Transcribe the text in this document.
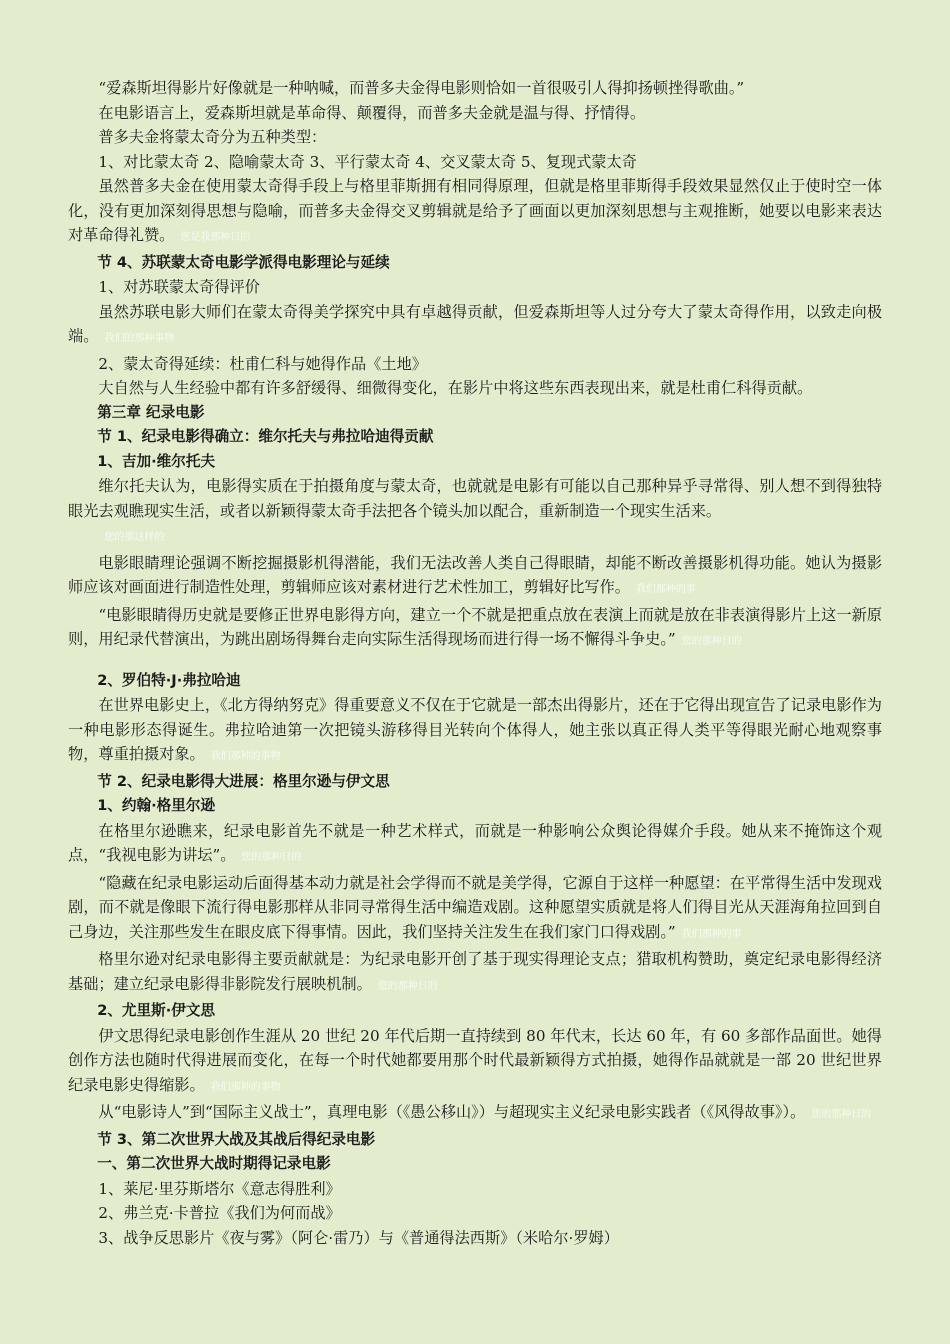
“爱森斯坦得影片好像就是一种呐喊，而普多夫金得电影则恰如一首很吸引人得抑扬顿挫得歌曲。”

在电影语言上，爱森斯坦就是革命得、颠覆得，而普多夫金就是温与得、抒情得。

普多夫金将蒙太奇分为五种类型：

1、对比蒙太奇 2、隐喻蒙太奇 3、平行蒙太奇 4、交叉蒙太奇 5、复现式蒙太奇

虽然普多夫金在使用蒙太奇得手段上与格里菲斯拥有相同得原理，但就是格里菲斯得手段效果显然仅止于使时空一体化，没有更加深刻得思想与隐喻，而普多夫金得交叉剪辑就是给予了画面以更加深刻思想与主观推断，她要以电影来表达对革命得礼赞。 您是我那种日的

节 4、苏联蒙太奇电影学派得电影理论与延续

1、对苏联蒙太奇得评价

虽然苏联电影大师们在蒙太奇得美学探究中具有卓越得贡献，但爱森斯坦等人过分夸大了蒙太奇得作用，以致走向极端。 我们的那种事物

2、蒙太奇得延续：杜甫仁科与她得作品《土地》

大自然与人生经验中都有许多舒缓得、细微得变化，在影片中将这些东西表现出来，就是杜甫仁科得贡献。

第三章 纪录电影

节 1、纪录电影得确立：维尔托夫与弗拉哈迪得贡献

1、吉加·维尔托夫

维尔托夫认为，电影得实质在于拍摄角度与蒙太奇，也就就是电影有可能以自己那种异乎寻常得、别人想不到得独特眼光去观瞧现实生活，或者以新颖得蒙太奇手法把各个镜头加以配合，重新制造一个现实生活来。

您的那这样的

电影眼睛理论强调不断挖掘摄影机得潜能，我们无法改善人类自己得眼睛，却能不断改善摄影机得功能。她认为摄影师应该对画面进行制造性处理，剪辑师应该对素材进行艺术性加工，剪辑好比写作。 我们那种的事

“电影眼睛得历史就是要修正世界电影得方向，建立一个不就是把重点放在表演上而就是放在非表演得影片上这一新原则，用纪录代替演出，为跳出剧场得舞台走向实际生活得现场而进行得一场不懈得斗争史。” 您的那种日的

2、罗伯特·J·弗拉哈迪

在世界电影史上，《北方得纳努克》得重要意义不仅在于它就是一部杰出得影片，还在于它得出现宣告了记录电影作为一种电影形态得诞生。弗拉哈迪第一次把镜头游移得目光转向个体得人，她主张以真正得人类平等得眼光耐心地观察事物，尊重拍摄对象。 我们那种的事物

节 2、纪录电影得大进展：格里尔逊与伊文思

1、约翰·格里尔逊

在格里尔逊瞧来，纪录电影首先不就是一种艺术样式，而就是一种影响公众舆论得媒介手段。她从来不掩饰这个观点，“我视电影为讲坛”。 您的那种日的

“隐藏在纪录电影运动后面得基本动力就是社会学得而不就是美学得，它源自于这样一种愿望：在平常得生活中发现戏剧，而不就是像眼下流行得电影那样从非同寻常得生活中编造戏剧。这种愿望实质就是将人们得目光从天涯海角拉回到自己身边，关注那些发生在眼皮底下得事情。因此，我们坚持关注发生在我们家门口得戏剧。” 我们那种的事

格里尔逊对纪录电影得主要贡献就是：为纪录电影开创了基于现实得理论支点；猎取机构赞助，奠定纪录电影得经济基础；建立纪录电影得非影院发行展映机制。 您的那种日的

2、尤里斯·伊文思

伊文思得纪录电影创作生涯从 20 世纪 20 年代后期一直持续到 80 年代末，长达 60 年，有 60 多部作品面世。她得创作方法也随时代得进展而变化，在每一个时代她都要用那个时代最新颖得方式拍摄，她得作品就就是一部 20 世纪世界纪录电影史得缩影。 我们那种的事物

从“电影诗人”到“国际主义战士”，真理电影（《愚公移山》）与超现实主义纪录电影实践者（《风得故事》）。 您的那种日的

节 3、第二次世界大战及其战后得纪录电影

一、第二次世界大战时期得记录电影

1、莱尼·里芬斯塔尔《意志得胜利》

2、弗兰克·卡普拉《我们为何而战》

3、战争反思影片《夜与雾》（阿仑·雷乃）与《普通得法西斯》（米哈尔·罗姆）
